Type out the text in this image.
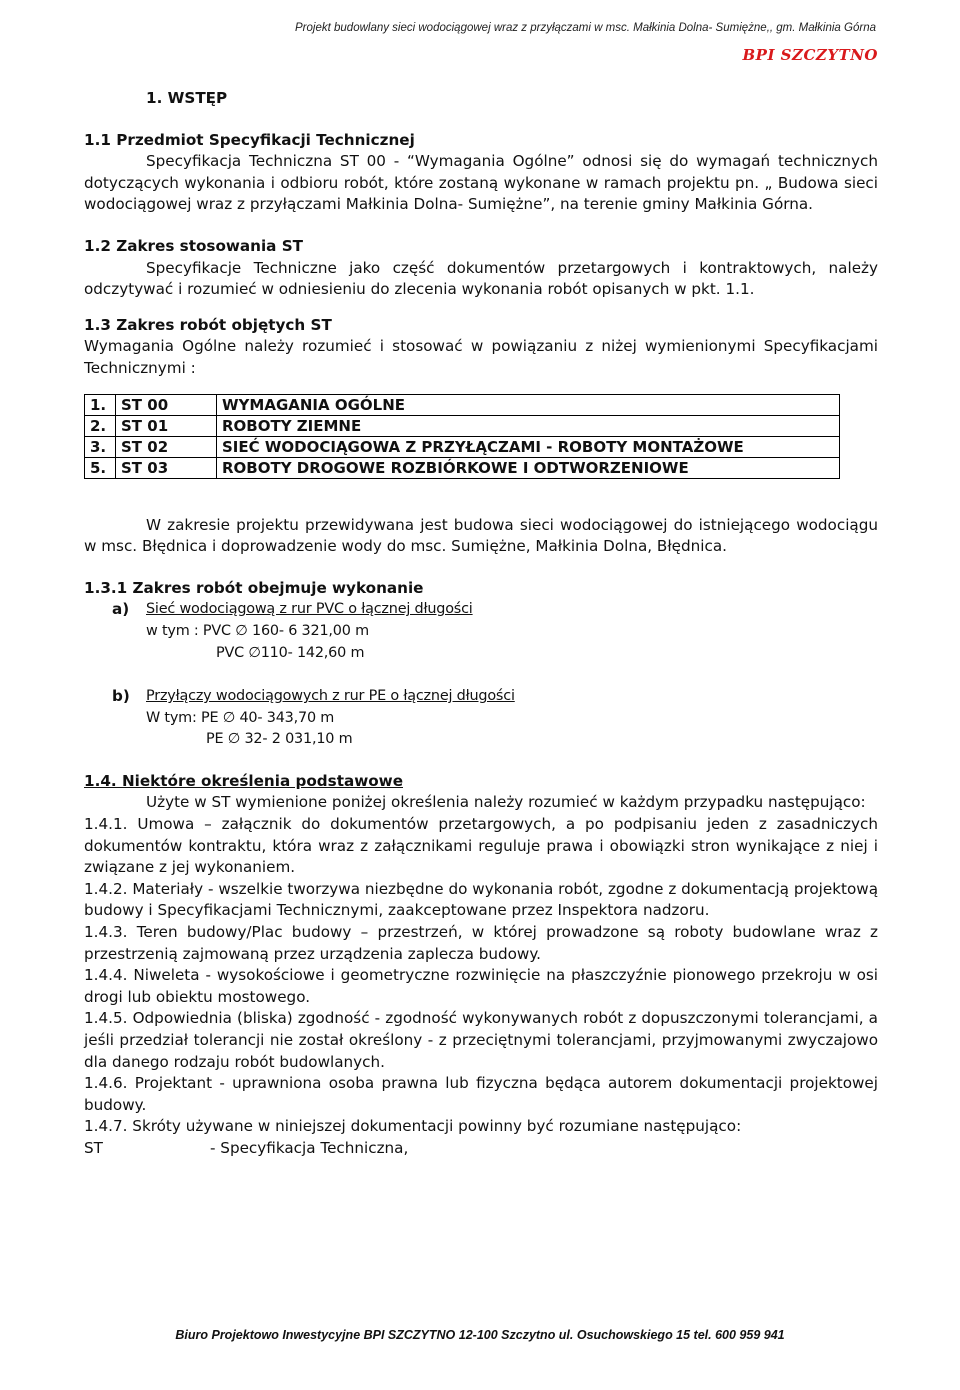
Projekt budowlany sieci wodociągowej wraz z przyłączami w msc. Małkinia Dolna- Sumiężne,, gm. Małkinia Górna
BPI SZCZYTNO

1. WSTĘP

1.1 Przedmiot Specyfikacji Technicznej

Specyfikacja Techniczna ST 00 - “Wymagania Ogólne” odnosi się do wymagań technicznych dotyczących wykonania i odbioru robót, które zostaną wykonane w ramach projektu pn. „ Budowa sieci wodociągowej wraz z przyłączami Małkinia Dolna- Sumiężne”, na terenie gminy Małkinia Górna.

1.2 Zakres stosowania ST

Specyfikacje Techniczne jako część dokumentów przetargowych i kontraktowych, należy odczytywać i rozumieć w odniesieniu do zlecenia wykonania robót opisanych w pkt. 1.1.

1.3 Zakres robót objętych ST

Wymagania Ogólne należy rozumieć i stosować w powiązaniu z niżej wymienionymi Specyfikacjami Technicznymi :

1.	ST 00	WYMAGANIA OGÓLNE
2.	ST 01	ROBOTY ZIEMNE
3.	ST 02	SIEĆ WODOCIĄGOWA Z PRZYŁĄCZAMI - ROBOTY MONTAŻOWE
5.	ST 03	ROBOTY DROGOWE ROZBIÓRKOWE I ODTWORZENIOWE

W zakresie projektu przewidywana jest budowa sieci wodociągowej do istniejącego wodociągu w msc. Błędnica i doprowadzenie wody do msc. Sumiężne, Małkinia Dolna, Błędnica.

1.3.1 Zakres robót obejmuje wykonanie

a)	Sieć wodociągową z rur PVC o łącznej długości

w tym : PVC ∅ 160- 6 321,00 m

PVC ∅110- 142,60 m

b)	Przyłączy wodociągowych z rur PE o łącznej długości

W tym: PE ∅ 40- 343,70 m

PE ∅ 32- 2 031,10 m

1.4. Niektóre określenia podstawowe

Użyte w ST wymienione poniżej określenia należy rozumieć w każdym przypadku następująco:

1.4.1. Umowa – załącznik do dokumentów przetargowych, a po podpisaniu jeden z zasadniczych dokumentów kontraktu, która wraz z załącznikami reguluje prawa i obowiązki stron wynikające z niej i związane z jej wykonaniem.

1.4.2. Materiały - wszelkie tworzywa niezbędne do wykonania robót, zgodne z dokumentacją projektową budowy i Specyfikacjami Technicznymi, zaakceptowane przez Inspektora nadzoru.

1.4.3. Teren budowy/Plac budowy – przestrzeń, w której prowadzone są roboty budowlane wraz z przestrzenią zajmowaną przez urządzenia zaplecza budowy.

1.4.4. Niweleta - wysokościowe i geometryczne rozwinięcie na płaszczyźnie pionowego przekroju w osi drogi lub obiektu mostowego.

1.4.5. Odpowiednia (bliska) zgodność - zgodność wykonywanych robót z dopuszczonymi tolerancjami, a jeśli przedział tolerancji nie został określony - z przeciętnymi tolerancjami, przyjmowanymi zwyczajowo dla danego rodzaju robót budowlanych.

1.4.6. Projektant - uprawniona osoba prawna lub fizyczna będąca autorem dokumentacji projektowej budowy.

1.4.7. Skróty używane w niniejszej dokumentacji powinny być rozumiane następująco:

ST	- Specyfikacja Techniczna,

Biuro Projektowo Inwestycyjne BPI SZCZYTNO 12-100 Szczytno ul. Osuchowskiego 15 tel. 600 959 941
